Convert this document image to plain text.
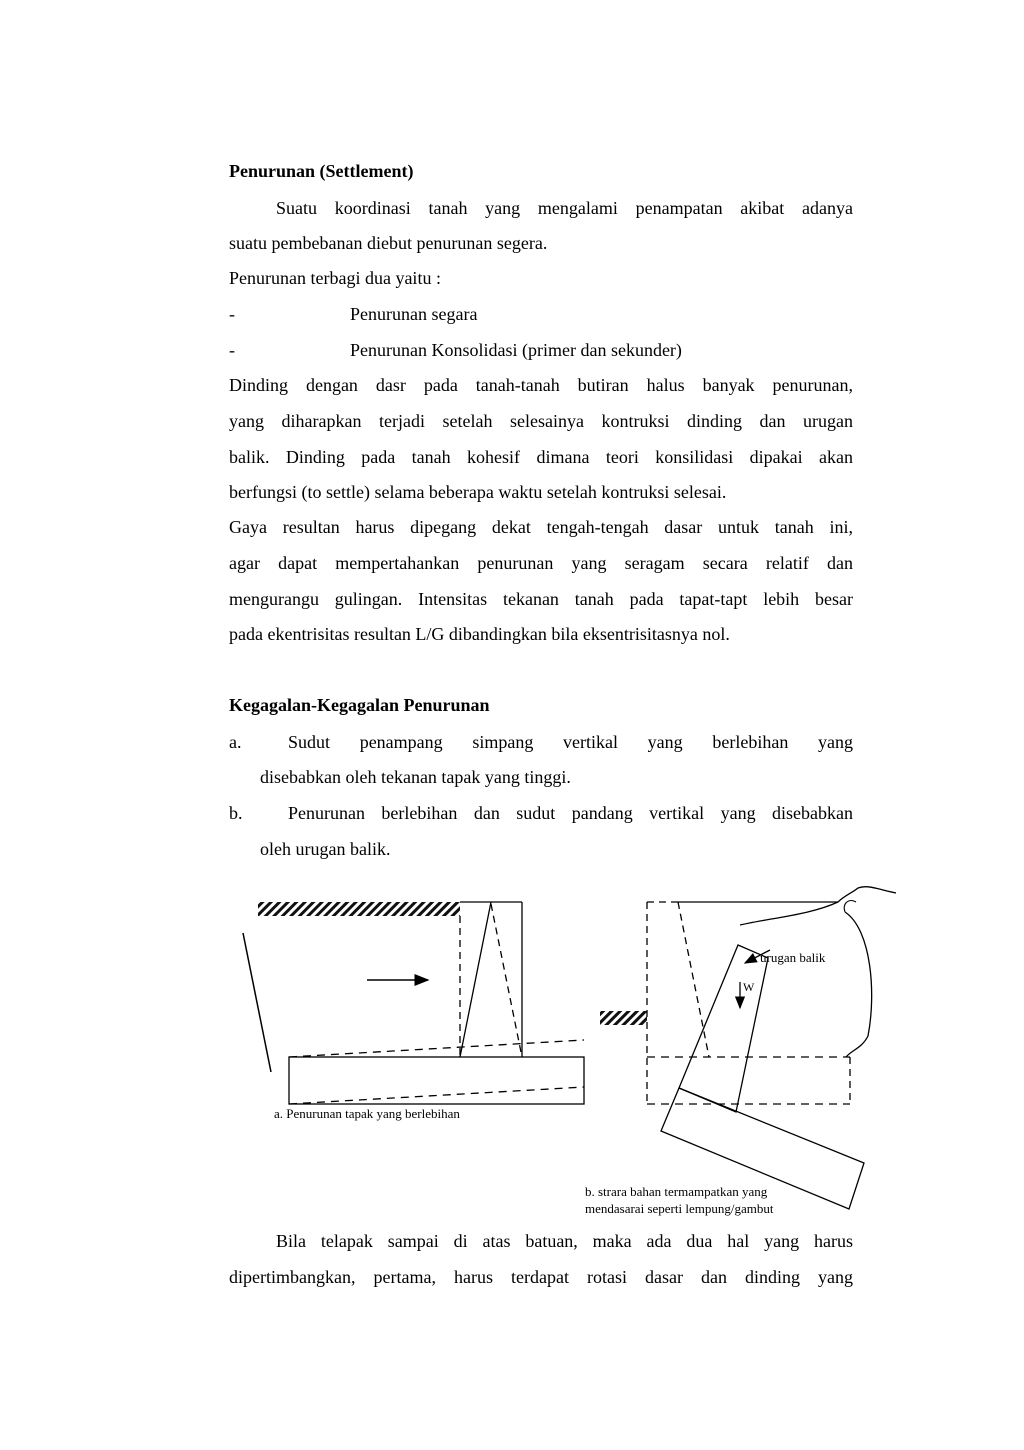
Penurunan (Settlement)
Suatu koordinasi tanah yang mengalami penampatan akibat adanya
suatu pembebanan diebut penurunan segera.
Penurunan terbagi dua yaitu :
-	Penurunan segara
-	Penurunan Konsolidasi (primer dan sekunder)
Dinding dengan dasr pada tanah-tanah butiran halus banyak penurunan,
yang diharapkan terjadi setelah selesainya kontruksi dinding dan urugan
balik. Dinding pada tanah kohesif dimana teori konsilidasi dipakai akan
berfungsi (to settle) selama beberapa waktu setelah kontruksi selesai.
Gaya resultan harus dipegang dekat tengah-tengah dasar untuk tanah ini,
agar dapat mempertahankan penurunan yang seragam secara relatif dan
mengurangu gulingan. Intensitas tekanan tanah pada tapat-tapt lebih besar
pada ekentrisitas resultan L/G dibandingkan bila eksentrisitasnya nol.
Kegagalan-Kegagalan Penurunan
a.	Sudut penampang simpang vertikal yang berlebihan yang
disebabkan oleh tekanan tapak yang tinggi.
b.	Penurunan berlebihan dan sudut pandang vertikal yang disebabkan
oleh urugan balik.
a. Penurunan tapak yang berlebihan
urugan balik
W
b. strara bahan termampatkan yang
mendasarai seperti lempung/gambut
Bila telapak sampai di atas batuan, maka ada dua hal yang harus
dipertimbangkan, pertama, harus terdapat rotasi dasar dan dinding yang
